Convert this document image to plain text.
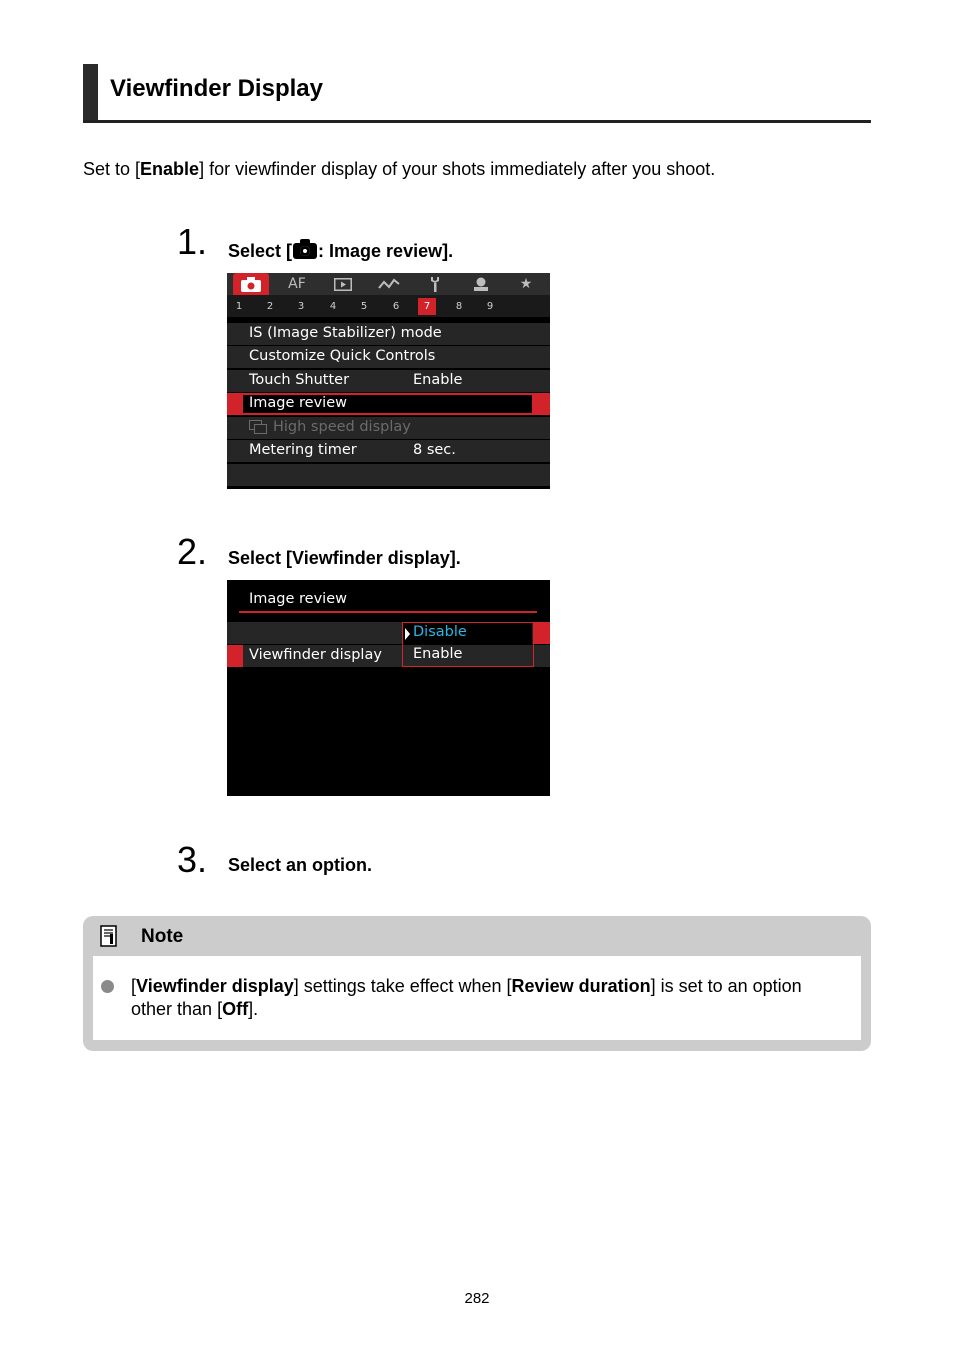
Viewfinder Display
Set to [Enable] for viewfinder display of your shots immediately after you shoot.
1. Select [ : Image review].
AF	★
1	2	3	4	5	6	7	8	9
IS (Image Stabilizer) mode
Customize Quick Controls
Touch Shutter	Enable
Image review
High speed display
Metering timer	8 sec.
2. Select [Viewfinder display].
Image review
Viewfinder display
Disable
Enable
3. Select an option.
Note
[Viewfinder display] settings take effect when [Review duration] is set to an option other than [Off].
282
